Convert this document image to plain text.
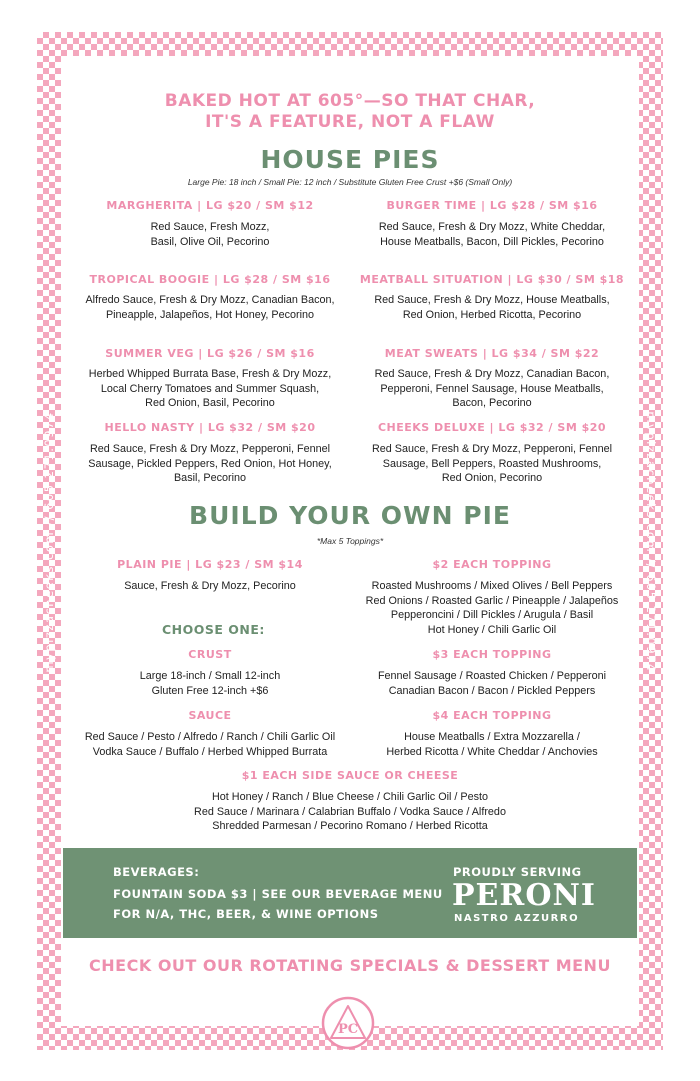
mypizzacheeks.com // 605.271.0974	mypizzacheeks.com // 605.271.0974
BAKED HOT AT 605°—SO THAT CHAR,
IT'S A FEATURE, NOT A FLAW
HOUSE PIES
Large Pie: 18 inch / Small Pie: 12 inch / Substitute Gluten Free Crust +$6 (Small Only)
MARGHERITA | LG $20 / SM $12
Red Sauce, Fresh Mozz,
Basil, Olive Oil, Pecorino
BURGER TIME | LG $28 / SM $16
Red Sauce, Fresh & Dry Mozz, White Cheddar,
House Meatballs, Bacon, Dill Pickles, Pecorino
TROPICAL BOOGIE | LG $28 / SM $16
Alfredo Sauce, Fresh & Dry Mozz, Canadian Bacon,
Pineapple, Jalapeños, Hot Honey, Pecorino
MEATBALL SITUATION | LG $30 / SM $18
Red Sauce, Fresh & Dry Mozz, House Meatballs,
Red Onion, Herbed Ricotta, Pecorino
SUMMER VEG | LG $26 / SM $16
Herbed Whipped Burrata Base, Fresh & Dry Mozz,
Local Cherry Tomatoes and Summer Squash,
Red Onion, Basil, Pecorino
MEAT SWEATS | LG $34 / SM $22
Red Sauce, Fresh & Dry Mozz, Canadian Bacon,
Pepperoni, Fennel Sausage, House Meatballs,
Bacon, Pecorino
HELLO NASTY | LG $32 / SM $20
Red Sauce, Fresh & Dry Mozz, Pepperoni, Fennel
Sausage, Pickled Peppers, Red Onion, Hot Honey,
Basil, Pecorino
CHEEKS DELUXE | LG $32 / SM $20
Red Sauce, Fresh & Dry Mozz, Pepperoni, Fennel
Sausage, Bell Peppers, Roasted Mushrooms,
Red Onion, Pecorino
BUILD YOUR OWN PIE
*Max 5 Toppings*
PLAIN PIE | LG $23 / SM $14
Sauce, Fresh & Dry Mozz, Pecorino
CHOOSE ONE:
CRUST
Large 18-inch / Small 12-inch
Gluten Free 12-inch +$6
SAUCE
Red Sauce / Pesto / Alfredo / Ranch / Chili Garlic Oil
Vodka Sauce / Buffalo / Herbed Whipped Burrata
$2 EACH TOPPING
Roasted Mushrooms / Mixed Olives / Bell Peppers
Red Onions / Roasted Garlic / Pineapple / Jalapeños
Pepperoncini / Dill Pickles / Arugula / Basil
Hot Honey / Chili Garlic Oil
$3 EACH TOPPING
Fennel Sausage / Roasted Chicken / Pepperoni
Canadian Bacon / Bacon / Pickled Peppers
$4 EACH TOPPING
House Meatballs / Extra Mozzarella /
Herbed Ricotta / White Cheddar / Anchovies
$1 EACH SIDE SAUCE OR CHEESE
Hot Honey / Ranch / Blue Cheese / Chili Garlic Oil / Pesto
Red Sauce / Marinara / Calabrian Buffalo / Vodka Sauce / Alfredo
Shredded Parmesan / Pecorino Romano / Herbed Ricotta
BEVERAGES:
FOUNTAIN SODA $3 | SEE OUR BEVERAGE MENU
FOR N/A, THC, BEER, & WINE OPTIONS
PROUDLY SERVING
PERONI
NASTRO AZZURRO
CHECK OUT OUR ROTATING SPECIALS & DESSERT MENU
PC
